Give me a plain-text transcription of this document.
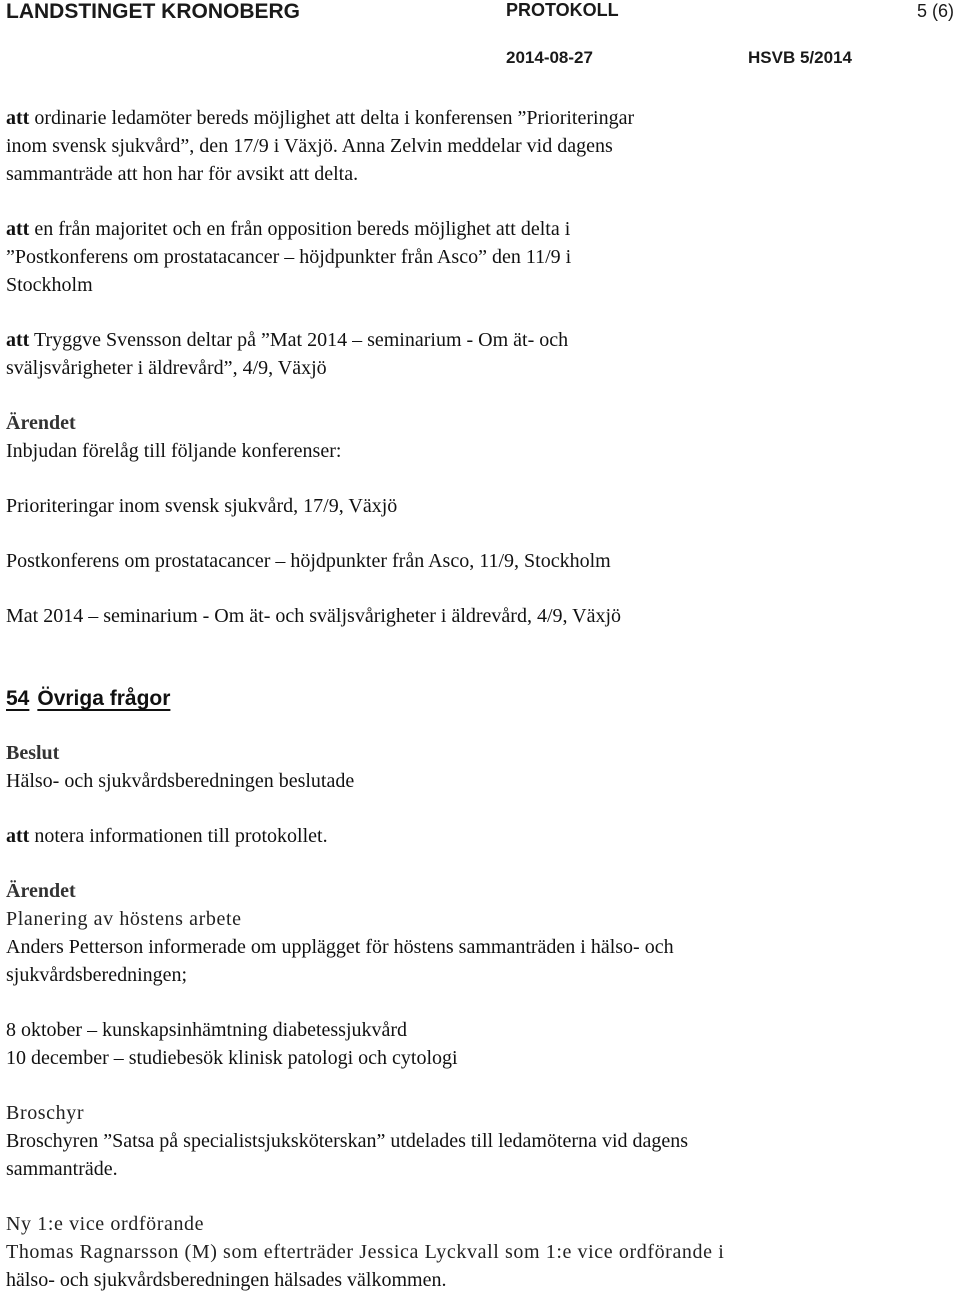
LANDSTINGET KRONOBERG	PROTOKOLL	5 (6)
2014-08-27	HSVB 5/2014

att ordinarie ledamöter bereds möjlighet att delta i konferensen ”Prioriteringar

inom svensk sjukvård”, den 17/9 i Växjö. Anna Zelvin meddelar vid dagens

sammanträde att hon har för avsikt att delta.

att en från majoritet och en från opposition bereds möjlighet att delta i

”Postkonferens om prostatacancer – höjdpunkter från Asco” den 11/9 i

Stockholm

att Tryggve Svensson deltar på ”Mat 2014 – seminarium - Om ät- och

sväljsvårigheter i äldrevård”, 4/9, Växjö

Ärendet

Inbjudan förelåg till följande konferenser:

Prioriteringar inom svensk sjukvård, 17/9, Växjö

Postkonferens om prostatacancer – höjdpunkter från Asco, 11/9, Stockholm

Mat 2014 – seminarium - Om ät- och sväljsvårigheter i äldrevård, 4/9, Växjö

54 Övriga frågor

Beslut

Hälso- och sjukvårdsberedningen beslutade

att notera informationen till protokollet.

Ärendet

Planering av höstens arbete

Anders Petterson informerade om upplägget för höstens sammanträden i hälso- och

sjukvårdsberedningen;

8 oktober – kunskapsinhämtning diabetessjukvård

10 december – studiebesök klinisk patologi och cytologi

Broschyr

Broschyren ”Satsa på specialistsjuksköterskan” utdelades till ledamöterna vid dagens

sammanträde.

Ny 1:e vice ordförande

Thomas Ragnarsson (M) som efterträder Jessica Lyckvall som 1:e vice ordförande i

hälso- och sjukvårdsberedningen hälsades välkommen.
